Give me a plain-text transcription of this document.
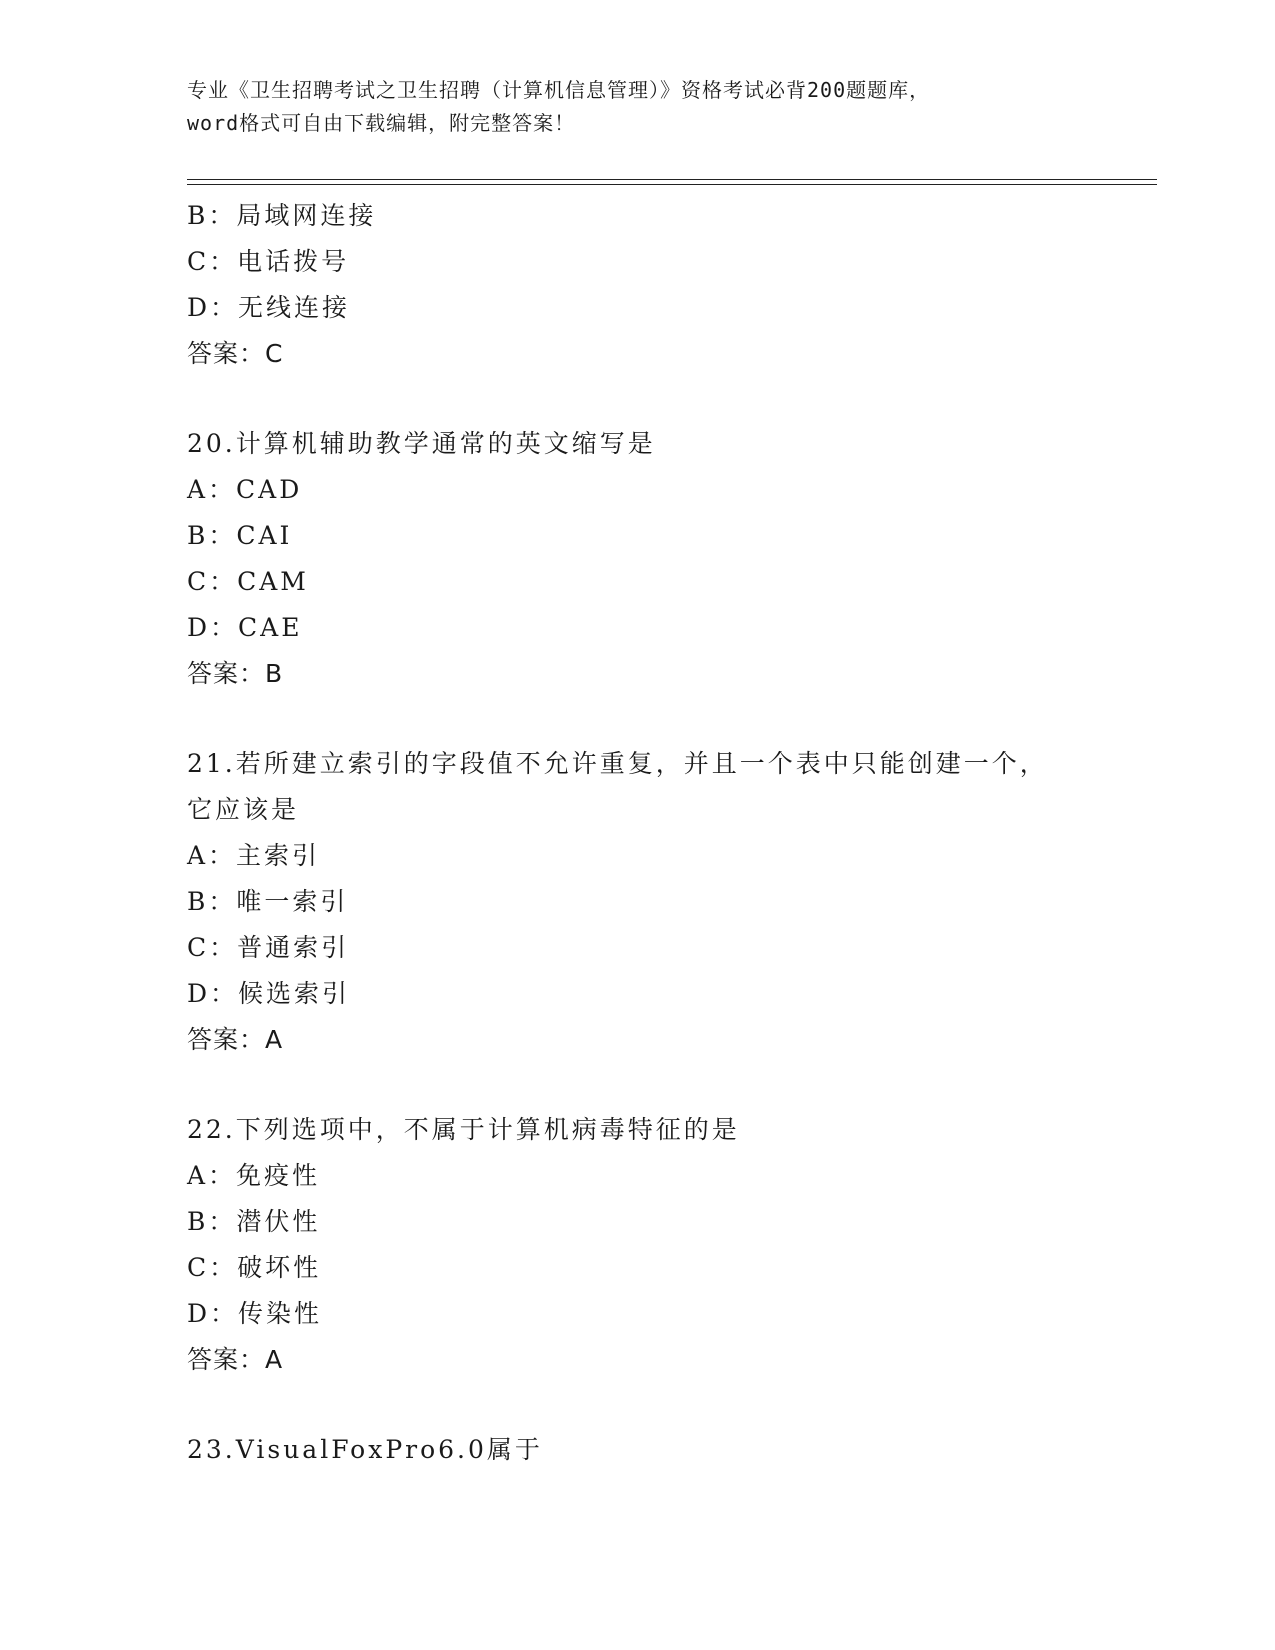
专业《卫生招聘考试之卫生招聘（计算机信息管理）》资格考试必背200题题库，
word格式可自由下载编辑，附完整答案！
B：局域网连接
C：电话拨号
D：无线连接
答案：C
20.计算机辅助教学通常的英文缩写是
A：CAD
B：CAI
C：CAM
D：CAE
答案：B
21.若所建立索引的字段值不允许重复，并且一个表中只能创建一个，
它应该是
A：主索引
B：唯一索引
C：普通索引
D：候选索引
答案：A
22.下列选项中，不属于计算机病毒特征的是
A：免疫性
B：潜伏性
C：破坏性
D：传染性
答案：A
23.VisualFoxPro6.0属于
